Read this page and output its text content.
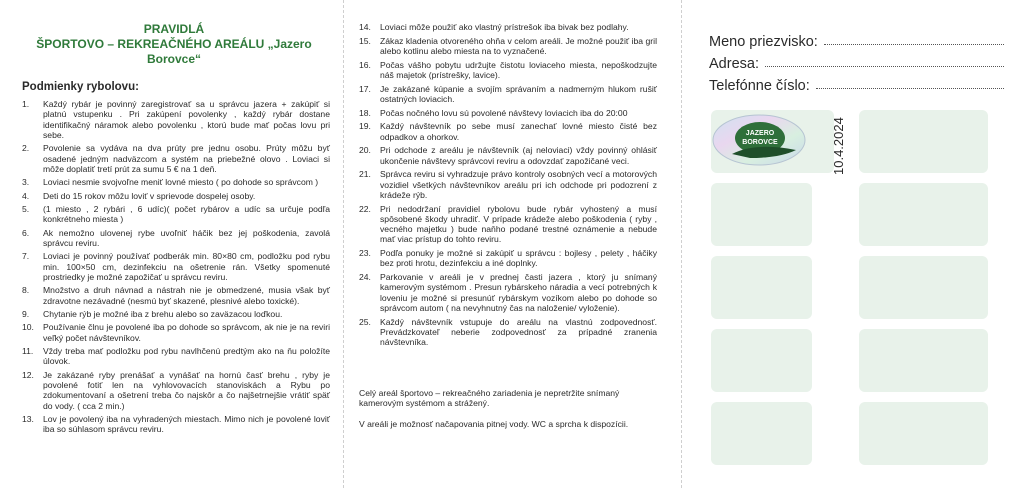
PRAVIDLÁ
ŠPORTOVO – REKREAČNÉHO AREÁLU „Jazero Borovce“
Podmienky rybolovu:
1. Každý rybár je povinný zaregistrovať sa u správcu jazera + zakúpiť si platnú vstupenku . Pri zakúpení povolenky , každý rybár dostane identifikačný náramok alebo povolenku , ktorú bude mať počas lovu pri sebe.
2. Povolenie sa vydáva na dva prúty pre jednu osobu. Prúty môžu byť osadené jedným nadväzcom a systém na priebežné olovo . Loviaci si môže doplatiť tretí prút za sumu 5 € na 1 deň.
3. Loviaci nesmie svojvoľne meniť lovné miesto ( po dohode so správcom )
4. Deti do 15 rokov môžu loviť v sprievode dospelej osoby.
5. (1 miesto , 2 rybári , 6 udíc)( počet rybárov a udíc sa určuje podľa konkrétneho miesta )
6. Ak nemožno ulovenej rybe uvoľniť háčik bez jej poškodenia, zavolá správcu reviru.
7. Loviaci je povinný používať podberák min. 80×80 cm, podložku pod rybu min. 100×50 cm, dezinfekciu na ošetrenie rán. Všetky spomenuté prostriedky je možné zapožičať u správcu reviru.
8. Množstvo a druh návnad a nástrah nie je obmedzené, musia však byť zdravotne nezávadné (nesmú byť skazené, plesnivé alebo toxické).
9. Chytanie rýb je možné iba z brehu alebo so zaväzacou loďkou.
10. Používanie člnu je povolené iba po dohode so správcom, ak nie je na reviri veľký počet návštevníkov.
11. Vždy treba mať podložku pod rybu navlhčenú predtým ako na ňu položíte úlovok.
12. Je zakázané ryby prenášať a vynášať na hornú časť brehu , ryby je povolené fotiť len na vyhlovovacích stanoviskách a Rybu po zdokumentovaní a ošetrení treba čo najskôr a čo najšetrnejšie vrátiť späť do vody. ( cca 2 min.)
13. Lov je povolený iba na vyhradených miestach. Mimo nich je povolené loviť iba so súhlasom správcu reviru.
14. Loviaci môže použiť ako vlastný prístrešok iba bivak bez podlahy.
15. Zákaz kladenia otvoreného ohňa v celom areáli. Je možné použiť iba gril alebo kotlinu alebo miesta na to vyznačené.
16. Počas vášho pobytu udržujte čistotu loviaceho miesta, nepoškodzujte náš majetok (prístrešky, lavice).
17. Je zakázané kúpanie a svojím správaním a nadmerným hlukom rušiť ostatných loviacich.
18. Počas nočného lovu sú povolené návštevy loviacich iba do 20:00
19. Každý návštevník po sebe musí zanechať lovné miesto čisté bez odpadkov a ohorkov.
20. Pri odchode z areálu je návštevník (aj neloviaci) vždy povinný ohlásiť ukončenie návštevy správcovi reviru a odovzdať zapožičané veci.
21. Správca reviru si vyhradzuje právo kontroly osobných vecí a motorových vozidiel všetkých návštevníkov areálu pri ich odchode pri podozrení z krádeže rýb.
22. Pri nedodržaní pravidiel rybolovu bude rybár vyhostený a musí spôsobené škody uhradiť. V prípade krádeže alebo poškodenia ( ryby , vecného majetku ) bude naňho podané trestné oznámenie a nebude mať viac prístup do tohto reviru.
23. Podľa ponuky je možné si zakúpiť u správcu : bojlesy , pelety , háčiky bez proti hrotu, dezinfekciu a iné doplnky.
24. Parkovanie v areáli je v prednej časti jazera , ktorý ju snímaný kamerovým systémom . Presun rybárskeho náradia a vecí potrebných k loveniu je možné si presunúť rybárskym vozíkom alebo po dohode so správcom autom ( na nevyhnutný čas na naloženie/ vyloženie).
25. Každý návštevník vstupuje do areálu na vlastnú zodpovednosť. Prevádzkovateľ neberie zodpovednosť za prípadné zranenia návštevníka.

Celý areál športovo – rekreačného zariadenia je nepretržite snímaný kamerovým systémom a strážený.

V areáli je možnosť načapovania pitnej vody. WC a sprcha k dispozícii.

Meno priezvisko:
Adresa:
Telefónne číslo:
JAZERO
BOROVCE	10.4.2024
